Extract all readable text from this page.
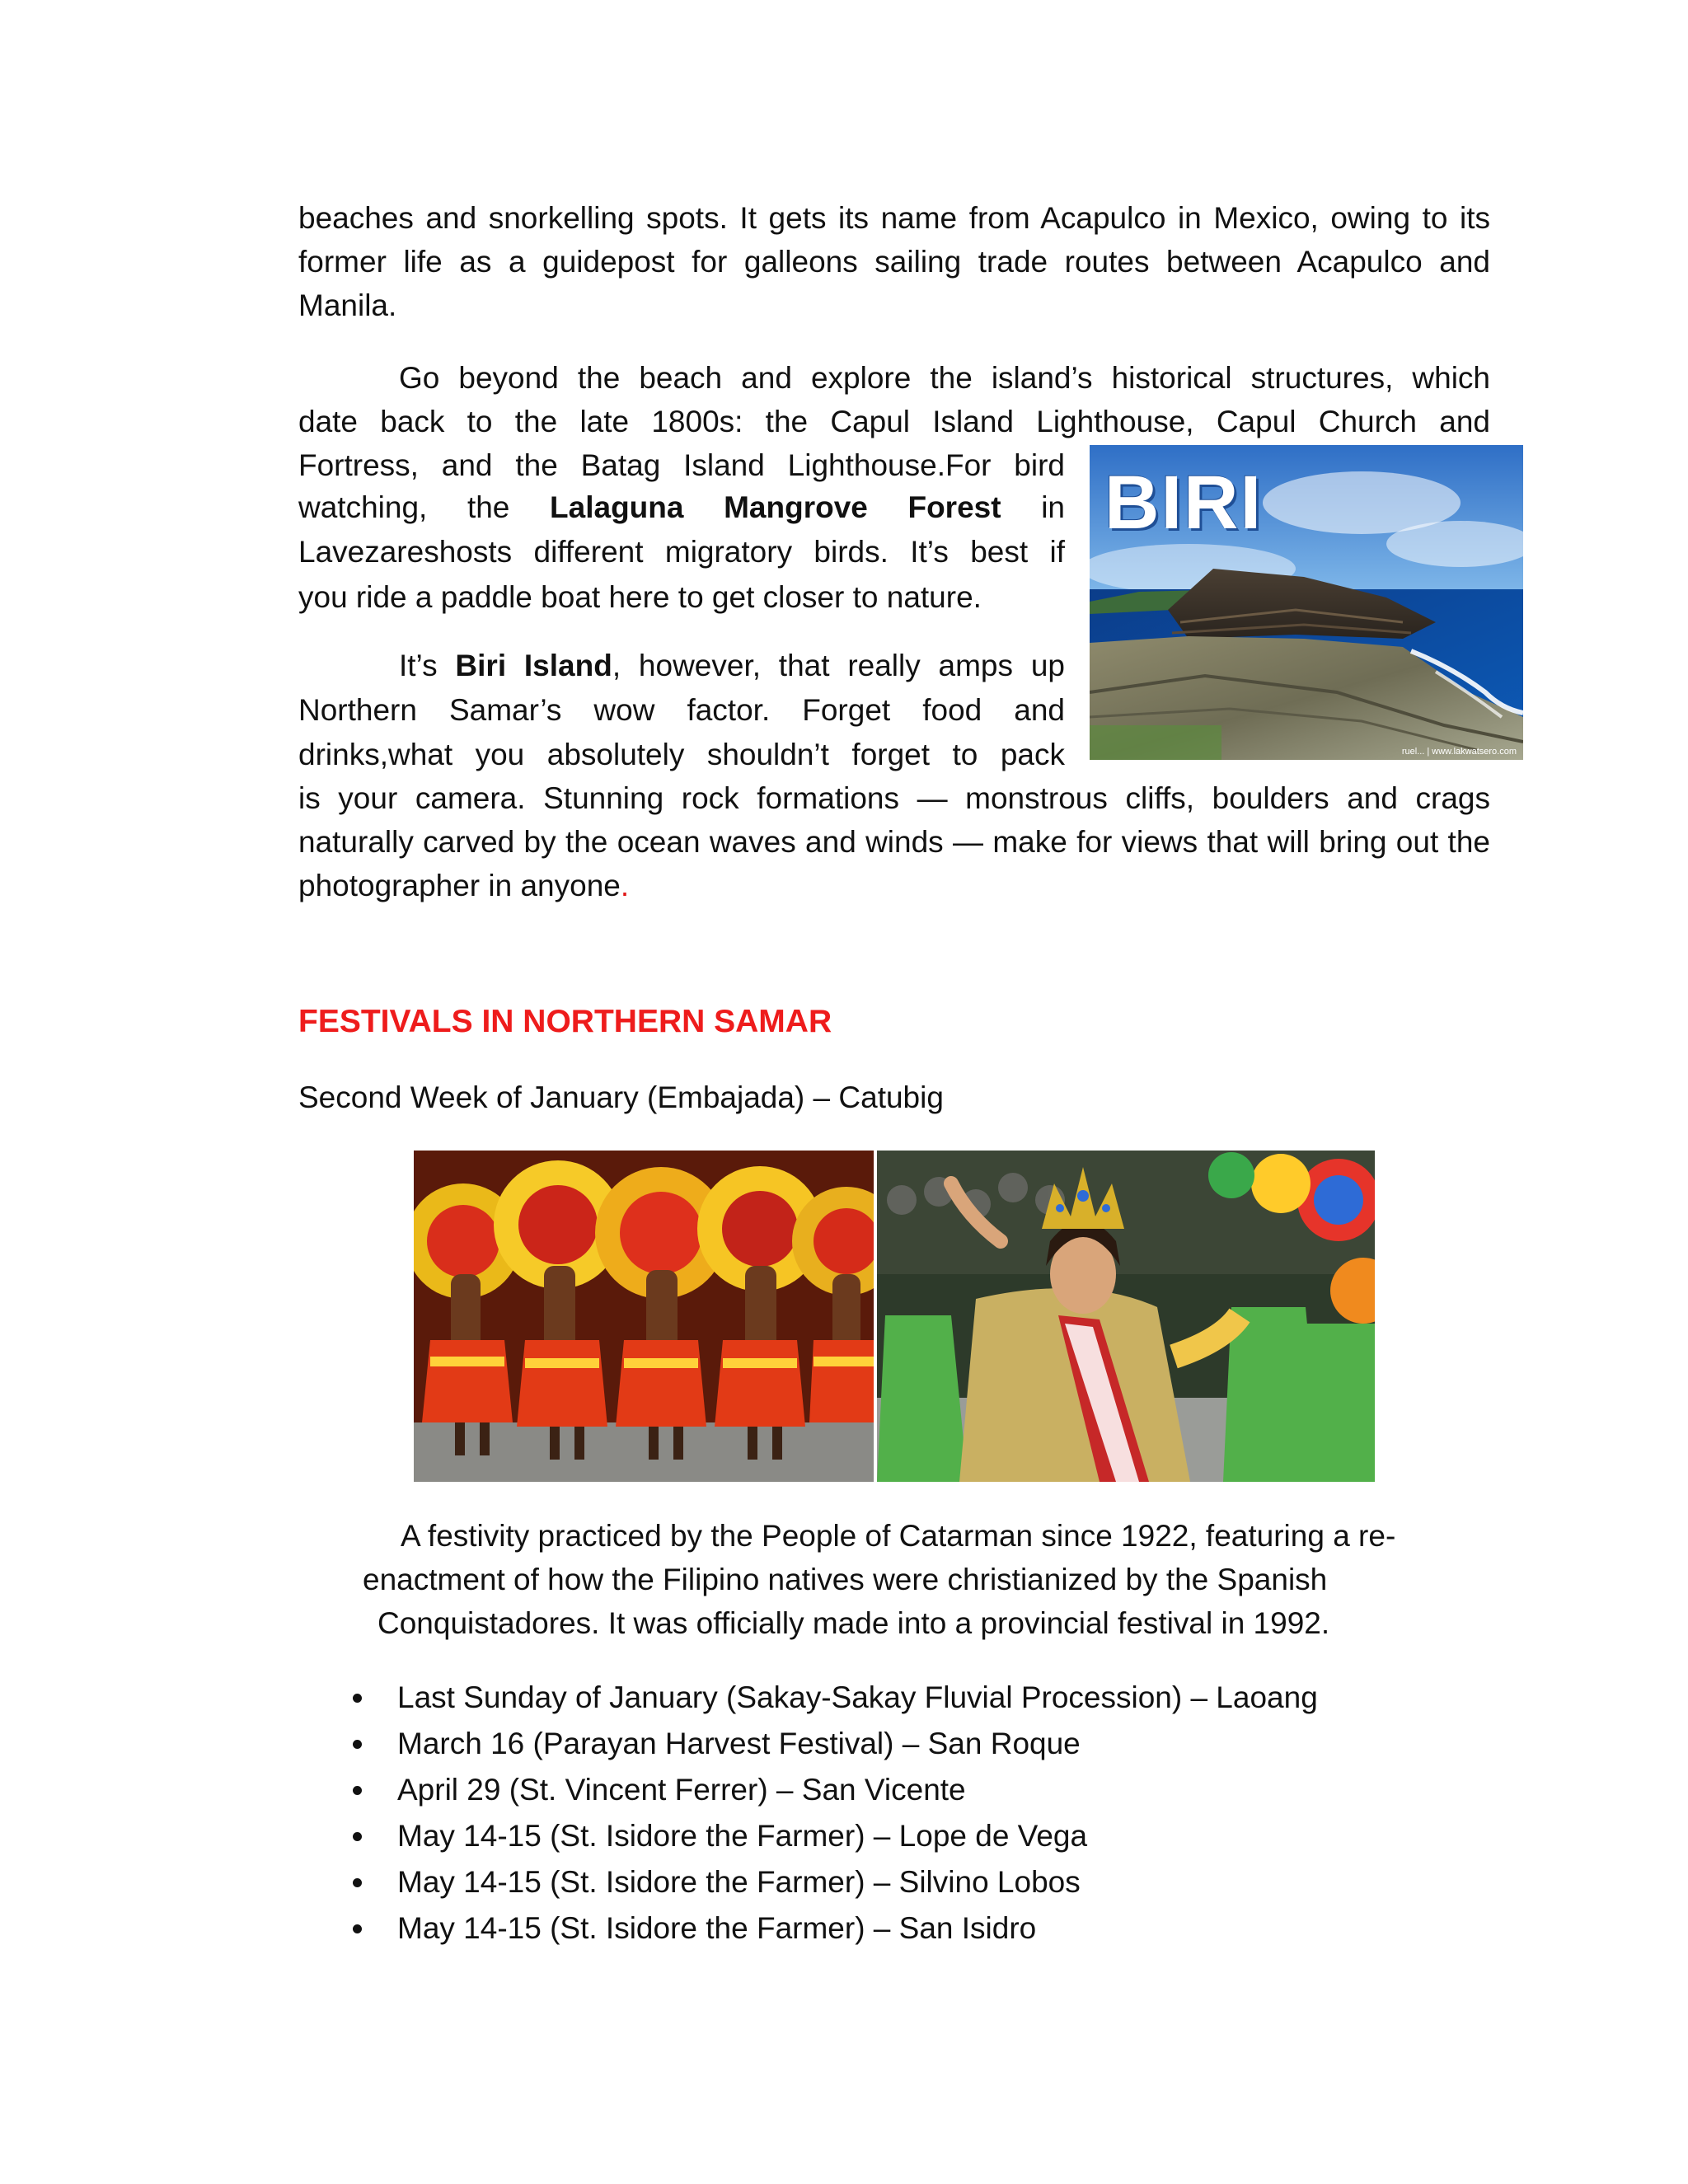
beaches and snorkelling spots. It gets its name from Acapulco in Mexico, owing to its former life as a guidepost for galleons sailing trade routes between Acapulco and Manila.

Go beyond the beach and explore the island’s historical structures, which

date back to the late 1800s: the Capul Island Lighthouse, Capul Church and

Fortress, and the Batag Island Lighthouse.For bird

watching, the Lalaguna Mangrove Forest in

Lavezareshosts different migratory birds. It’s best if

you ride a paddle boat here to get closer to nature.

It’s Biri Island, however, that really amps up

Northern Samar’s wow factor. Forget food and

drinks,what you absolutely shouldn’t forget to pack

is your camera. Stunning rock formations — monstrous cliffs, boulders and crags naturally carved by the ocean waves and winds — make for views that will bring out the photographer in anyone.

BIRI
ruel... | www.lakwatsero.com
FESTIVALS IN NORTHERN SAMAR

Second Week of January (Embajada) – Catubig

A festivity practiced by the People of Catarman since 1922, featuring a re-
enactment of how the Filipino natives were christianized by the Spanish
Conquistadores. It was officially made into a provincial festival in 1992.
Last Sunday of January (Sakay-Sakay Fluvial Procession) – Laoang
March 16 (Parayan Harvest Festival) – San Roque
April 29 (St. Vincent Ferrer) – San Vicente
May 14-15 (St. Isidore the Farmer) – Lope de Vega
May 14-15 (St. Isidore the Farmer) – Silvino Lobos
May 14-15 (St. Isidore the Farmer) – San Isidro
